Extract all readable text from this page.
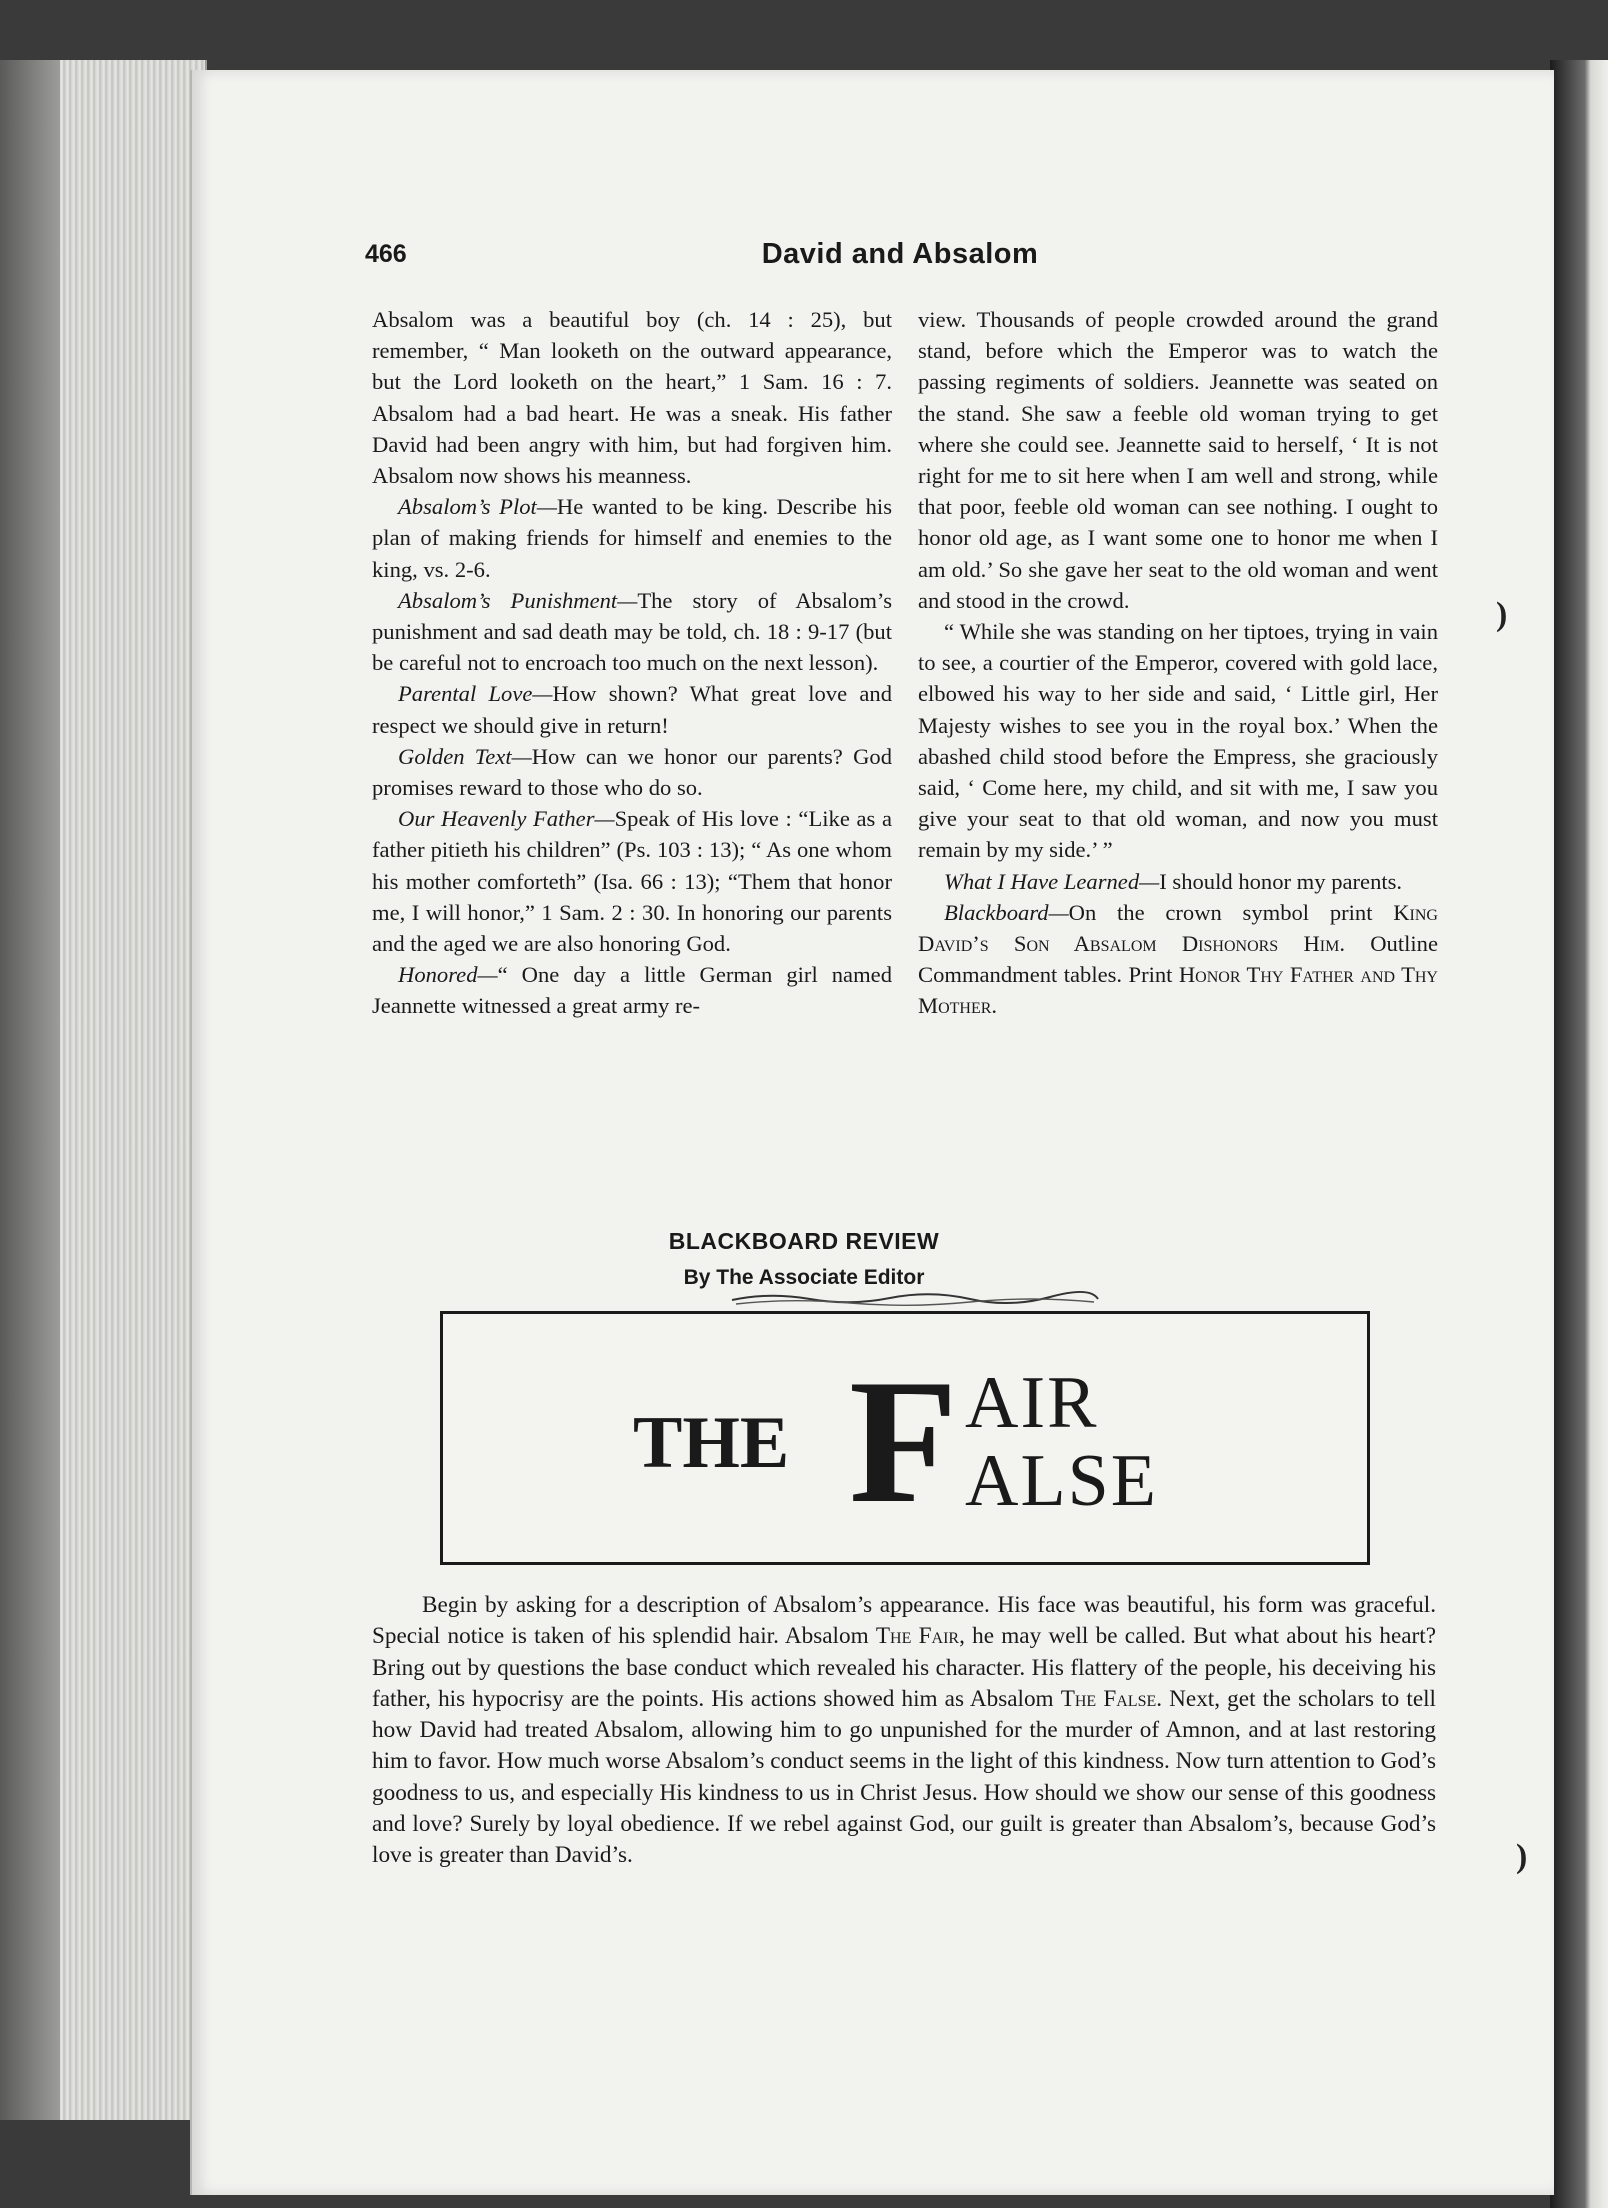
466	David and Absalom

Absalom was a beautiful boy (ch. 14 : 25), but remember, “ Man looketh on the outward appearance, but the Lord looketh on the heart,” 1 Sam. 16 : 7. Absalom had a bad heart. He was a sneak. His father David had been angry with him, but had forgiven him. Absalom now shows his meanness.

Absalom’s Plot—He wanted to be king. Describe his plan of making friends for himself and enemies to the king, vs. 2-6.

Absalom’s Punishment—The story of Absalom’s punishment and sad death may be told, ch. 18 : 9-17 (but be careful not to encroach too much on the next lesson).

Parental Love—How shown? What great love and respect we should give in return!

Golden Text—How can we honor our parents? God promises reward to those who do so.

Our Heavenly Father—Speak of His love : “Like as a father pitieth his children” (Ps. 103 : 13); “ As one whom his mother comforteth” (Isa. 66 : 13); “Them that honor me, I will honor,” 1 Sam. 2 : 30. In honoring our parents and the aged we are also honoring God.

Honored—“ One day a little German girl named Jeannette witnessed a great army re-

view. Thousands of people crowded around the grand stand, before which the Emperor was to watch the passing regiments of soldiers. Jeannette was seated on the stand. She saw a feeble old woman trying to get where she could see. Jeannette said to herself, ‘ It is not right for me to sit here when I am well and strong, while that poor, feeble old woman can see nothing. I ought to honor old age, as I want some one to honor me when I am old.’ So she gave her seat to the old woman and went and stood in the crowd.

“ While she was standing on her tiptoes, trying in vain to see, a courtier of the Emperor, covered with gold lace, elbowed his way to her side and said, ‘ Little girl, Her Majesty wishes to see you in the royal box.’ When the abashed child stood before the Empress, she graciously said, ‘ Come here, my child, and sit with me, I saw you give your seat to that old woman, and now you must remain by my side.’ ”

What I Have Learned—I should honor my parents.

Blackboard—On the crown symbol print King David’s Son Absalom Dishonors Him. Outline Commandment tables. Print Honor Thy Father and Thy Mother.

BLACKBOARD REVIEW
By The Associate Editor
THE F AIR
ALSE

Begin by asking for a description of Absalom’s appearance. His face was beautiful, his form was graceful. Special notice is taken of his splendid hair. Absalom The Fair, he may well be called. But what about his heart? Bring out by questions the base conduct which revealed his character. His flattery of the people, his deceiving his father, his hypocrisy are the points. His actions showed him as Absalom The False. Next, get the scholars to tell how David had treated Absalom, allowing him to go unpunished for the murder of Amnon, and at last restoring him to favor. How much worse Absalom’s conduct seems in the light of this kindness. Now turn attention to God’s goodness to us, and especially His kindness to us in Christ Jesus. How should we show our sense of this goodness and love? Surely by loyal obedience. If we rebel against God, our guilt is greater than Absalom’s, because God’s love is greater than David’s.

)
)
